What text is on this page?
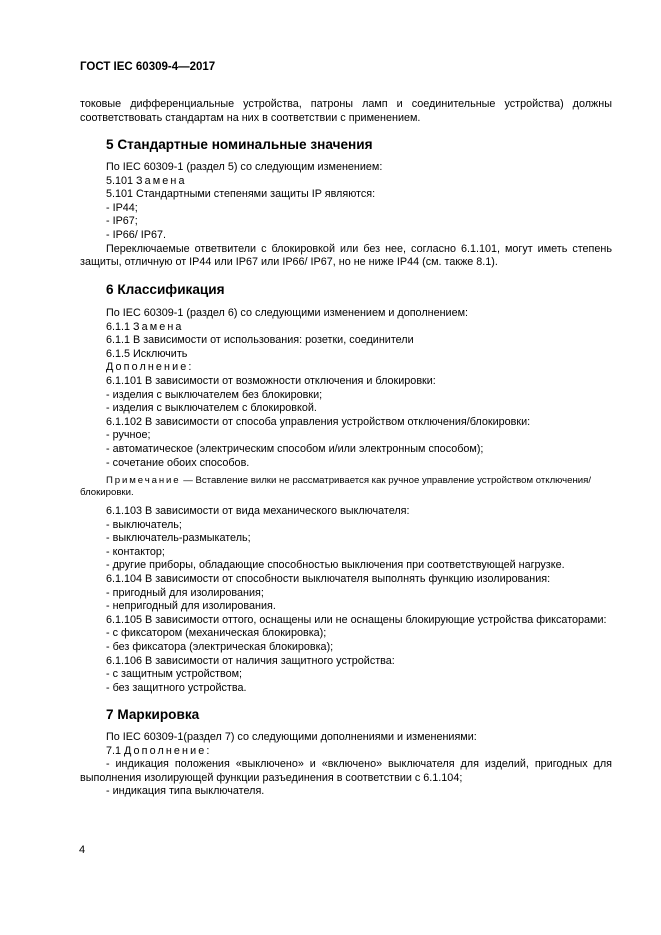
ГОСТ IEC 60309-4—2017

токовые дифференциальные устройства, патроны ламп и соединительные устройства) должны соответствовать стандартам на них в соответствии с применением.

5 Стандартные номинальные значения

По IEC 60309-1 (раздел 5) со следующим изменением:

5.101 Замена

5.101 Стандартными степенями защиты IP являются:

- IP44;

- IP67;

- IP66/ IP67.

Переключаемые ответвители с блокировкой или без нее, согласно 6.1.101, могут иметь степень защиты, отличную от IP44 или IP67 или IP66/ IP67, но не ниже IP44 (см. также 8.1).

6 Классификация

По IEC 60309-1 (раздел 6) со следующими изменением и дополнением:

6.1.1 Замена

6.1.1 В зависимости от использования: розетки, соединители

6.1.5 Исключить

Дополнение:

6.1.101 В зависимости от возможности отключения и блокировки:

- изделия с выключателем без блокировки;

- изделия с выключателем с блокировкой.

6.1.102 В зависимости от способа управления устройством отключения/блокировки:

- ручное;

- автоматическое (электрическим способом и/или электронным способом);

- сочетание обоих способов.

Примечание — Вставление вилки не рассматривается как ручное управление устройством отключения/блокировки.

6.1.103 В зависимости от вида механического выключателя:

- выключатель;

- выключатель-размыкатель;

- контактор;

- другие приборы, обладающие способностью выключения при соответствующей нагрузке.

6.1.104 В зависимости от способности выключателя выполнять функцию изолирования:

- пригодный для изолирования;

- непригодный для изолирования.

6.1.105 В зависимости оттого, оснащены или не оснащены блокирующие устройства фиксаторами:

- с фиксатором (механическая блокировка);

- без фиксатора (электрическая блокировка);

6.1.106 В зависимости от наличия защитного устройства:

- с защитным устройством;

- без защитного устройства.

7 Маркировка

По IEC 60309-1(раздел 7) со следующими дополнениями и изменениями:

7.1 Дополнение:

- индикация положения «выключено» и «включено» выключателя для изделий, пригодных для выполнения изолирующей функции разъединения в соответствии с 6.1.104;

- индикация типа выключателя.

4
